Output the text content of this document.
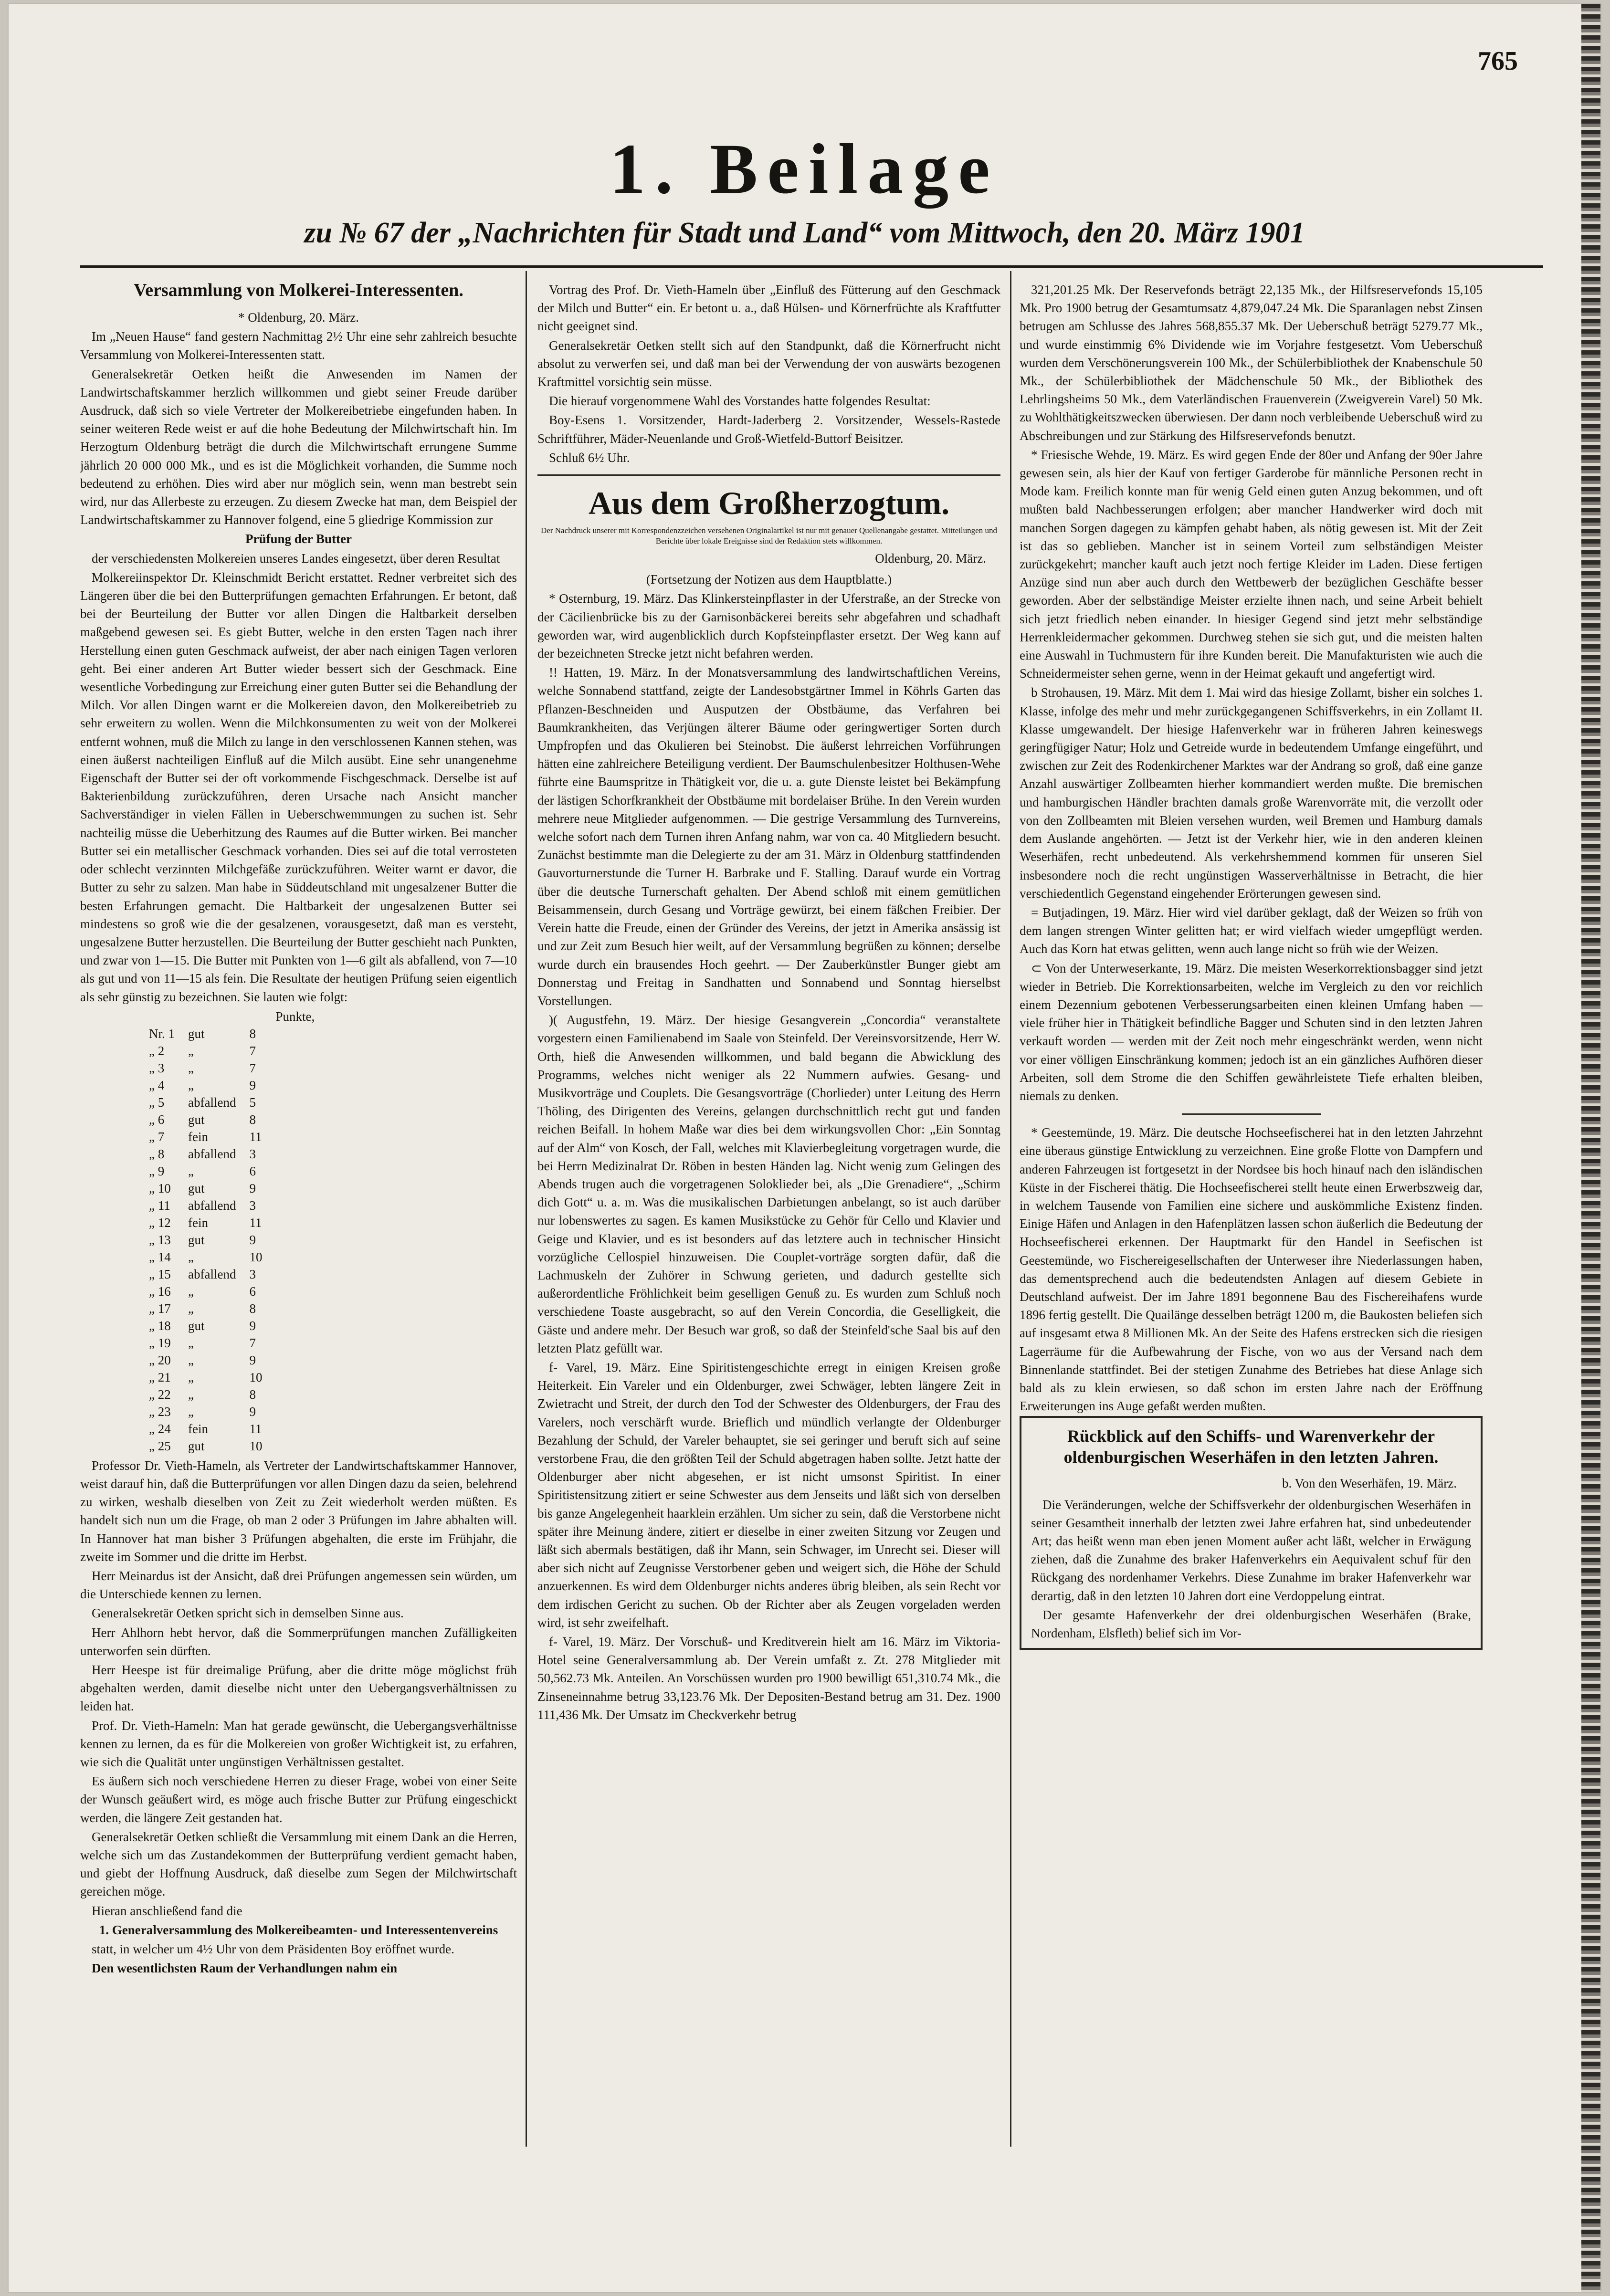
765
1. Beilage
zu № 67 der „Nachrichten für Stadt und Land“ vom Mittwoch, den 20. März 1901
Versammlung von Molkerei-Interessenten.

* Oldenburg, 20. März.

Im „Neuen Hause“ fand gestern Nachmittag 2½ Uhr eine sehr zahlreich besuchte Versammlung von Molkerei-Interessenten statt.

Generalsekretär Oetken heißt die Anwesenden im Namen der Landwirtschaftskammer herzlich willkommen und giebt seiner Freude darüber Ausdruck, daß sich so viele Vertreter der Molkereibetriebe eingefunden haben. In seiner weiteren Rede weist er auf die hohe Bedeutung der Milchwirtschaft hin. Im Herzogtum Oldenburg beträgt die durch die Milchwirtschaft errungene Summe jährlich 20 000 000 Mk., und es ist die Möglichkeit vorhanden, die Summe noch bedeutend zu erhöhen. Dies wird aber nur möglich sein, wenn man bestrebt sein wird, nur das Allerbeste zu erzeugen. Zu diesem Zwecke hat man, dem Beispiel der Landwirtschaftskammer zu Hannover folgend, eine 5 gliedrige Kommission zur

Prüfung der Butter

der verschiedensten Molkereien unseres Landes eingesetzt, über deren Resultat

Molkereiinspektor Dr. Kleinschmidt Bericht erstattet. Redner verbreitet sich des Längeren über die bei den Butterprüfungen gemachten Erfahrungen. Er betont, daß bei der Beurteilung der Butter vor allen Dingen die Haltbarkeit derselben maßgebend gewesen sei. Es giebt Butter, welche in den ersten Tagen nach ihrer Herstellung einen guten Geschmack aufweist, der aber nach einigen Tagen verloren geht. Bei einer anderen Art Butter wieder bessert sich der Geschmack. Eine wesentliche Vorbedingung zur Erreichung einer guten Butter sei die Behandlung der Milch. Vor allen Dingen warnt er die Molkereien davon, den Molkereibetrieb zu sehr erweitern zu wollen. Wenn die Milchkonsumenten zu weit von der Molkerei entfernt wohnen, muß die Milch zu lange in den verschlossenen Kannen stehen, was einen äußerst nachteiligen Einfluß auf die Milch ausübt. Eine sehr unangenehme Eigenschaft der Butter sei der oft vorkommende Fischgeschmack. Derselbe ist auf Bakterienbildung zurückzuführen, deren Ursache nach Ansicht mancher Sachverständiger in vielen Fällen in Ueberschwemmungen zu suchen ist. Sehr nachteilig müsse die Ueberhitzung des Raumes auf die Butter wirken. Bei mancher Butter sei ein metallischer Geschmack vorhanden. Dies sei auf die total verrosteten oder schlecht verzinnten Milchgefäße zurückzuführen. Weiter warnt er davor, die Butter zu sehr zu salzen. Man habe in Süddeutschland mit ungesalzener Butter die besten Erfahrungen gemacht. Die Haltbarkeit der ungesalzenen Butter sei mindestens so groß wie die der gesalzenen, vorausgesetzt, daß man es versteht, ungesalzene Butter herzustellen. Die Beurteilung der Butter geschieht nach Punkten, und zwar von 1—15. Die Butter mit Punkten von 1—6 gilt als abfallend, von 7—10 als gut und von 11—15 als fein. Die Resultate der heutigen Prüfung seien eigentlich als sehr günstig zu bezeichnen. Sie lauten wie folgt:

			Punkte,
Nr. 1	gut	8	
„ 2	„	7	
„ 3	„	7	
„ 4	„	9	
„ 5	abfallend	5	
„ 6	gut	8	
„ 7	fein	11	
„ 8	abfallend	3	
„ 9	„	6	
„ 10	gut	9	
„ 11	abfallend	3	
„ 12	fein	11	
„ 13	gut	9	
„ 14	„	10	
„ 15	abfallend	3	
„ 16	„	6	
„ 17	„	8	
„ 18	gut	9	
„ 19	„	7	
„ 20	„	9	
„ 21	„	10	
„ 22	„	8	
„ 23	„	9	
„ 24	fein	11	
„ 25	gut	10	

Professor Dr. Vieth-Hameln, als Vertreter der Landwirtschaftskammer Hannover, weist darauf hin, daß die Butterprüfungen vor allen Dingen dazu da seien, belehrend zu wirken, weshalb dieselben von Zeit zu Zeit wiederholt werden müßten. Es handelt sich nun um die Frage, ob man 2 oder 3 Prüfungen im Jahre abhalten will. In Hannover hat man bisher 3 Prüfungen abgehalten, die erste im Frühjahr, die zweite im Sommer und die dritte im Herbst.

Herr Meinardus ist der Ansicht, daß drei Prüfungen angemessen sein würden, um die Unterschiede kennen zu lernen.

Generalsekretär Oetken spricht sich in demselben Sinne aus.

Herr Ahlhorn hebt hervor, daß die Sommerprüfungen manchen Zufälligkeiten unterworfen sein dürften.

Herr Heespe ist für dreimalige Prüfung, aber die dritte möge möglichst früh abgehalten werden, damit dieselbe nicht unter den Uebergangsverhältnissen zu leiden hat.

Prof. Dr. Vieth-Hameln: Man hat gerade gewünscht, die Uebergangsverhältnisse kennen zu lernen, da es für die Molkereien von großer Wichtigkeit ist, zu erfahren, wie sich die Qualität unter ungünstigen Verhältnissen gestaltet.

Es äußern sich noch verschiedene Herren zu dieser Frage, wobei von einer Seite der Wunsch geäußert wird, es möge auch frische Butter zur Prüfung eingeschickt werden, die längere Zeit gestanden hat.

Generalsekretär Oetken schließt die Versammlung mit einem Dank an die Herren, welche sich um das Zustandekommen der Butterprüfung verdient gemacht haben, und giebt der Hoffnung Ausdruck, daß dieselbe zum Segen der Milchwirtschaft gereichen möge.

Hieran anschließend fand die

1. Generalversammlung des Molkereibeamten- und Interessentenvereins

statt, in welcher um 4½ Uhr von dem Präsidenten Boy eröffnet wurde.

Den wesentlichsten Raum der Verhandlungen nahm ein

Vortrag des Prof. Dr. Vieth-Hameln über „Einfluß des Fütterung auf den Geschmack der Milch und Butter“ ein. Er betont u. a., daß Hülsen- und Körnerfrüchte als Kraftfutter nicht geeignet sind.

Generalsekretär Oetken stellt sich auf den Standpunkt, daß die Körnerfrucht nicht absolut zu verwerfen sei, und daß man bei der Verwendung der von auswärts bezogenen Kraftmittel vorsichtig sein müsse.

Die hierauf vorgenommene Wahl des Vorstandes hatte folgendes Resultat:

Boy-Esens 1. Vorsitzender, Hardt-Jaderberg 2. Vorsitzender, Wessels-Rastede Schriftführer, Mäder-Neuenlande und Groß-Wietfeld-Buttorf Beisitzer.

Schluß 6½ Uhr.

Aus dem Großherzogtum.
Der Nachdruck unserer mit Korrespondenzzeichen versehenen Originalartikel ist nur mit genauer Quellenangabe gestattet. Mitteilungen und Berichte über lokale Ereignisse sind der Redaktion stets willkommen.
Oldenburg, 20. März.

(Fortsetzung der Notizen aus dem Hauptblatte.)

* Osternburg, 19. März. Das Klinkersteinpflaster in der Uferstraße, an der Strecke von der Cäcilienbrücke bis zu der Garnisonbäckerei bereits sehr abgefahren und schadhaft geworden war, wird augenblicklich durch Kopfsteinpflaster ersetzt. Der Weg kann auf der bezeichneten Strecke jetzt nicht befahren werden.

!! Hatten, 19. März. In der Monatsversammlung des landwirtschaftlichen Vereins, welche Sonnabend stattfand, zeigte der Landesobstgärtner Immel in Köhrls Garten das Pflanzen-Beschneiden und Ausputzen der Obstbäume, das Verfahren bei Baumkrankheiten, das Verjüngen älterer Bäume oder geringwertiger Sorten durch Umpfropfen und das Okulieren bei Steinobst. Die äußerst lehrreichen Vorführungen hätten eine zahlreichere Beteiligung verdient. Der Baumschulenbesitzer Holthusen-Wehe führte eine Baumspritze in Thätigkeit vor, die u. a. gute Dienste leistet bei Bekämpfung der lästigen Schorfkrankheit der Obstbäume mit bordelaiser Brühe. In den Verein wurden mehrere neue Mitglieder aufgenommen. — Die gestrige Versammlung des Turnvereins, welche sofort nach dem Turnen ihren Anfang nahm, war von ca. 40 Mitgliedern besucht. Zunächst bestimmte man die Delegierte zu der am 31. März in Oldenburg stattfindenden Gauvorturnerstunde die Turner H. Barbrake und F. Stalling. Darauf wurde ein Vortrag über die deutsche Turnerschaft gehalten. Der Abend schloß mit einem gemütlichen Beisammensein, durch Gesang und Vorträge gewürzt, bei einem fäßchen Freibier. Der Verein hatte die Freude, einen der Gründer des Vereins, der jetzt in Amerika ansässig ist und zur Zeit zum Besuch hier weilt, auf der Versammlung begrüßen zu können; derselbe wurde durch ein brausendes Hoch geehrt. — Der Zauberkünstler Bunger giebt am Donnerstag und Freitag in Sandhatten und Sonnabend und Sonntag hierselbst Vorstellungen.

)( Augustfehn, 19. März. Der hiesige Gesangverein „Concordia“ veranstaltete vorgestern einen Familienabend im Saale von Steinfeld. Der Vereinsvorsitzende, Herr W. Orth, hieß die Anwesenden willkommen, und bald begann die Abwicklung des Programms, welches nicht weniger als 22 Nummern aufwies. Gesang- und Musikvorträge und Couplets. Die Gesangsvorträge (Chorlieder) unter Leitung des Herrn Thöling, des Dirigenten des Vereins, gelangen durchschnittlich recht gut und fanden reichen Beifall. In hohem Maße war dies bei dem wirkungsvollen Chor: „Ein Sonntag auf der Alm“ von Kosch, der Fall, welches mit Klavierbegleitung vorgetragen wurde, die bei Herrn Medizinalrat Dr. Röben in besten Händen lag. Nicht wenig zum Gelingen des Abends trugen auch die vorgetragenen Soloklieder bei, als „Die Grenadiere“, „Schirm dich Gott“ u. a. m. Was die musikalischen Darbietungen anbelangt, so ist auch darüber nur lobenswertes zu sagen. Es kamen Musikstücke zu Gehör für Cello und Klavier und Geige und Klavier, und es ist besonders auf das letztere auch in technischer Hinsicht vorzügliche Cellospiel hinzuweisen. Die Couplet-vorträge sorgten dafür, daß die Lachmuskeln der Zuhörer in Schwung gerieten, und dadurch gestellte sich außerordentliche Fröhlichkeit beim geselligen Genuß zu. Es wurden zum Schluß noch verschiedene Toaste ausgebracht, so auf den Verein Concordia, die Geselligkeit, die Gäste und andere mehr. Der Besuch war groß, so daß der Steinfeld'sche Saal bis auf den letzten Platz gefüllt war.

f- Varel, 19. März. Eine Spiritistengeschichte erregt in einigen Kreisen große Heiterkeit. Ein Vareler und ein Oldenburger, zwei Schwäger, lebten längere Zeit in Zwietracht und Streit, der durch den Tod der Schwester des Oldenburgers, der Frau des Varelers, noch verschärft wurde. Brieflich und mündlich verlangte der Oldenburger Bezahlung der Schuld, der Vareler behauptet, sie sei geringer und beruft sich auf seine verstorbene Frau, die den größten Teil der Schuld abgetragen haben sollte. Jetzt hatte der Oldenburger aber nicht abgesehen, er ist nicht umsonst Spiritist. In einer Spiritistensitzung zitiert er seine Schwester aus dem Jenseits und läßt sich von derselben bis ganze Angelegenheit haarklein erzählen. Um sicher zu sein, daß die Verstorbene nicht später ihre Meinung ändere, zitiert er dieselbe in einer zweiten Sitzung vor Zeugen und läßt sich abermals bestätigen, daß ihr Mann, sein Schwager, im Unrecht sei. Dieser will aber sich nicht auf Zeugnisse Verstorbener geben und weigert sich, die Höhe der Schuld anzuerkennen. Es wird dem Oldenburger nichts anderes übrig bleiben, als sein Recht vor dem irdischen Gericht zu suchen. Ob der Richter aber als Zeugen vorgeladen werden wird, ist sehr zweifelhaft.

f- Varel, 19. März. Der Vorschuß- und Kreditverein hielt am 16. März im Viktoria-Hotel seine Generalversammlung ab. Der Verein umfaßt z. Zt. 278 Mitglieder mit 50,562.73 Mk. Anteilen. An Vorschüssen wurden pro 1900 bewilligt 651,310.74 Mk., die Zinseneinnahme betrug 33,123.76 Mk. Der Depositen-Bestand betrug am 31. Dez. 1900 111,436 Mk. Der Umsatz im Checkverkehr betrug

321,201.25 Mk. Der Reservefonds beträgt 22,135 Mk., der Hilfsreservefonds 15,105 Mk. Pro 1900 betrug der Gesamtumsatz 4,879,047.24 Mk. Die Sparanlagen nebst Zinsen betrugen am Schlusse des Jahres 568,855.37 Mk. Der Ueberschuß beträgt 5279.77 Mk., und wurde einstimmig 6% Dividende wie im Vorjahre festgesetzt. Vom Ueberschuß wurden dem Verschönerungsverein 100 Mk., der Schülerbibliothek der Knabenschule 50 Mk., der Schülerbibliothek der Mädchenschule 50 Mk., der Bibliothek des Lehrlingsheims 50 Mk., dem Vaterländischen Frauenverein (Zweigverein Varel) 50 Mk. zu Wohlthätigkeitszwecken überwiesen. Der dann noch verbleibende Ueberschuß wird zu Abschreibungen und zur Stärkung des Hilfsreservefonds benutzt.

* Friesische Wehde, 19. März. Es wird gegen Ende der 80er und Anfang der 90er Jahre gewesen sein, als hier der Kauf von fertiger Garderobe für männliche Personen recht in Mode kam. Freilich konnte man für wenig Geld einen guten Anzug bekommen, und oft mußten bald Nachbesserungen erfolgen; aber mancher Handwerker wird doch mit manchen Sorgen dagegen zu kämpfen gehabt haben, als nötig gewesen ist. Mit der Zeit ist das so geblieben. Mancher ist in seinem Vorteil zum selbständigen Meister zurückgekehrt; mancher kauft auch jetzt noch fertige Kleider im Laden. Diese fertigen Anzüge sind nun aber auch durch den Wettbewerb der bezüglichen Geschäfte besser geworden. Aber der selbständige Meister erzielte ihnen nach, und seine Arbeit behielt sich jetzt friedlich neben einander. In hiesiger Gegend sind jetzt mehr selbständige Herrenkleidermacher gekommen. Durchweg stehen sie sich gut, und die meisten halten eine Auswahl in Tuchmustern für ihre Kunden bereit. Die Manufakturisten wie auch die Schneidermeister sehen gerne, wenn in der Heimat gekauft und angefertigt wird.

b Strohausen, 19. März. Mit dem 1. Mai wird das hiesige Zollamt, bisher ein solches 1. Klasse, infolge des mehr und mehr zurückgegangenen Schiffsverkehrs, in ein Zollamt II. Klasse umgewandelt. Der hiesige Hafenverkehr war in früheren Jahren keineswegs geringfügiger Natur; Holz und Getreide wurde in bedeutendem Umfange eingeführt, und zwischen zur Zeit des Rodenkirchener Marktes war der Andrang so groß, daß eine ganze Anzahl auswärtiger Zollbeamten hierher kommandiert werden mußte. Die bremischen und hamburgischen Händler brachten damals große Warenvorräte mit, die verzollt oder von den Zollbeamten mit Bleien versehen wurden, weil Bremen und Hamburg damals dem Auslande angehörten. — Jetzt ist der Verkehr hier, wie in den anderen kleinen Weserhäfen, recht unbedeutend. Als verkehrshemmend kommen für unseren Siel insbesondere noch die recht ungünstigen Wasserverhältnisse in Betracht, die hier verschiedentlich Gegenstand eingehender Erörterungen gewesen sind.

= Butjadingen, 19. März. Hier wird viel darüber geklagt, daß der Weizen so früh von dem langen strengen Winter gelitten hat; er wird vielfach wieder umgepflügt werden. Auch das Korn hat etwas gelitten, wenn auch lange nicht so früh wie der Weizen.

⊂ Von der Unterweserkante, 19. März. Die meisten Weserkorrektionsbagger sind jetzt wieder in Betrieb. Die Korrektionsarbeiten, welche im Vergleich zu den vor reichlich einem Dezennium gebotenen Verbesserungsarbeiten einen kleinen Umfang haben — viele früher hier in Thätigkeit befindliche Bagger und Schuten sind in den letzten Jahren verkauft worden — werden mit der Zeit noch mehr eingeschränkt werden, wenn nicht vor einer völligen Einschränkung kommen; jedoch ist an ein gänzliches Aufhören dieser Arbeiten, soll dem Strome die den Schiffen gewährleistete Tiefe erhalten bleiben, niemals zu denken.

* Geestemünde, 19. März. Die deutsche Hochseefischerei hat in den letzten Jahrzehnt eine überaus günstige Entwicklung zu verzeichnen. Eine große Flotte von Dampfern und anderen Fahrzeugen ist fortgesetzt in der Nordsee bis hoch hinauf nach den isländischen Küste in der Fischerei thätig. Die Hochseefischerei stellt heute einen Erwerbszweig dar, in welchem Tausende von Familien eine sichere und auskömmliche Existenz finden. Einige Häfen und Anlagen in den Hafenplätzen lassen schon äußerlich die Bedeutung der Hochseefischerei erkennen. Der Hauptmarkt für den Handel in Seefischen ist Geestemünde, wo Fischereigesellschaften der Unterweser ihre Niederlassungen haben, das dementsprechend auch die bedeutendsten Anlagen auf diesem Gebiete in Deutschland aufweist. Der im Jahre 1891 begonnene Bau des Fischereihafens wurde 1896 fertig gestellt. Die Quailänge desselben beträgt 1200 m, die Baukosten beliefen sich auf insgesamt etwa 8 Millionen Mk. An der Seite des Hafens erstrecken sich die riesigen Lagerräume für die Aufbewahrung der Fische, von wo aus der Versand nach dem Binnenlande stattfindet. Bei der stetigen Zunahme des Betriebes hat diese Anlage sich bald als zu klein erwiesen, so daß schon im ersten Jahre nach der Eröffnung Erweiterungen ins Auge gefaßt werden mußten.

Rückblick auf den Schiffs- und Warenverkehr der oldenburgischen Weserhäfen in den letzten Jahren.
b. Von den Weserhäfen, 19. März.

Die Veränderungen, welche der Schiffsverkehr der oldenburgischen Weserhäfen in seiner Gesamtheit innerhalb der letzten zwei Jahre erfahren hat, sind unbedeutender Art; das heißt wenn man eben jenen Moment außer acht läßt, welcher in Erwägung ziehen, daß die Zunahme des braker Hafenverkehrs ein Aequivalent schuf für den Rückgang des nordenhamer Verkehrs. Diese Zunahme im braker Hafenverkehr war derartig, daß in den letzten 10 Jahren dort eine Verdoppelung eintrat.

Der gesamte Hafenverkehr der drei oldenburgischen Weserhäfen (Brake, Nordenham, Elsfleth) belief sich im Vor-
